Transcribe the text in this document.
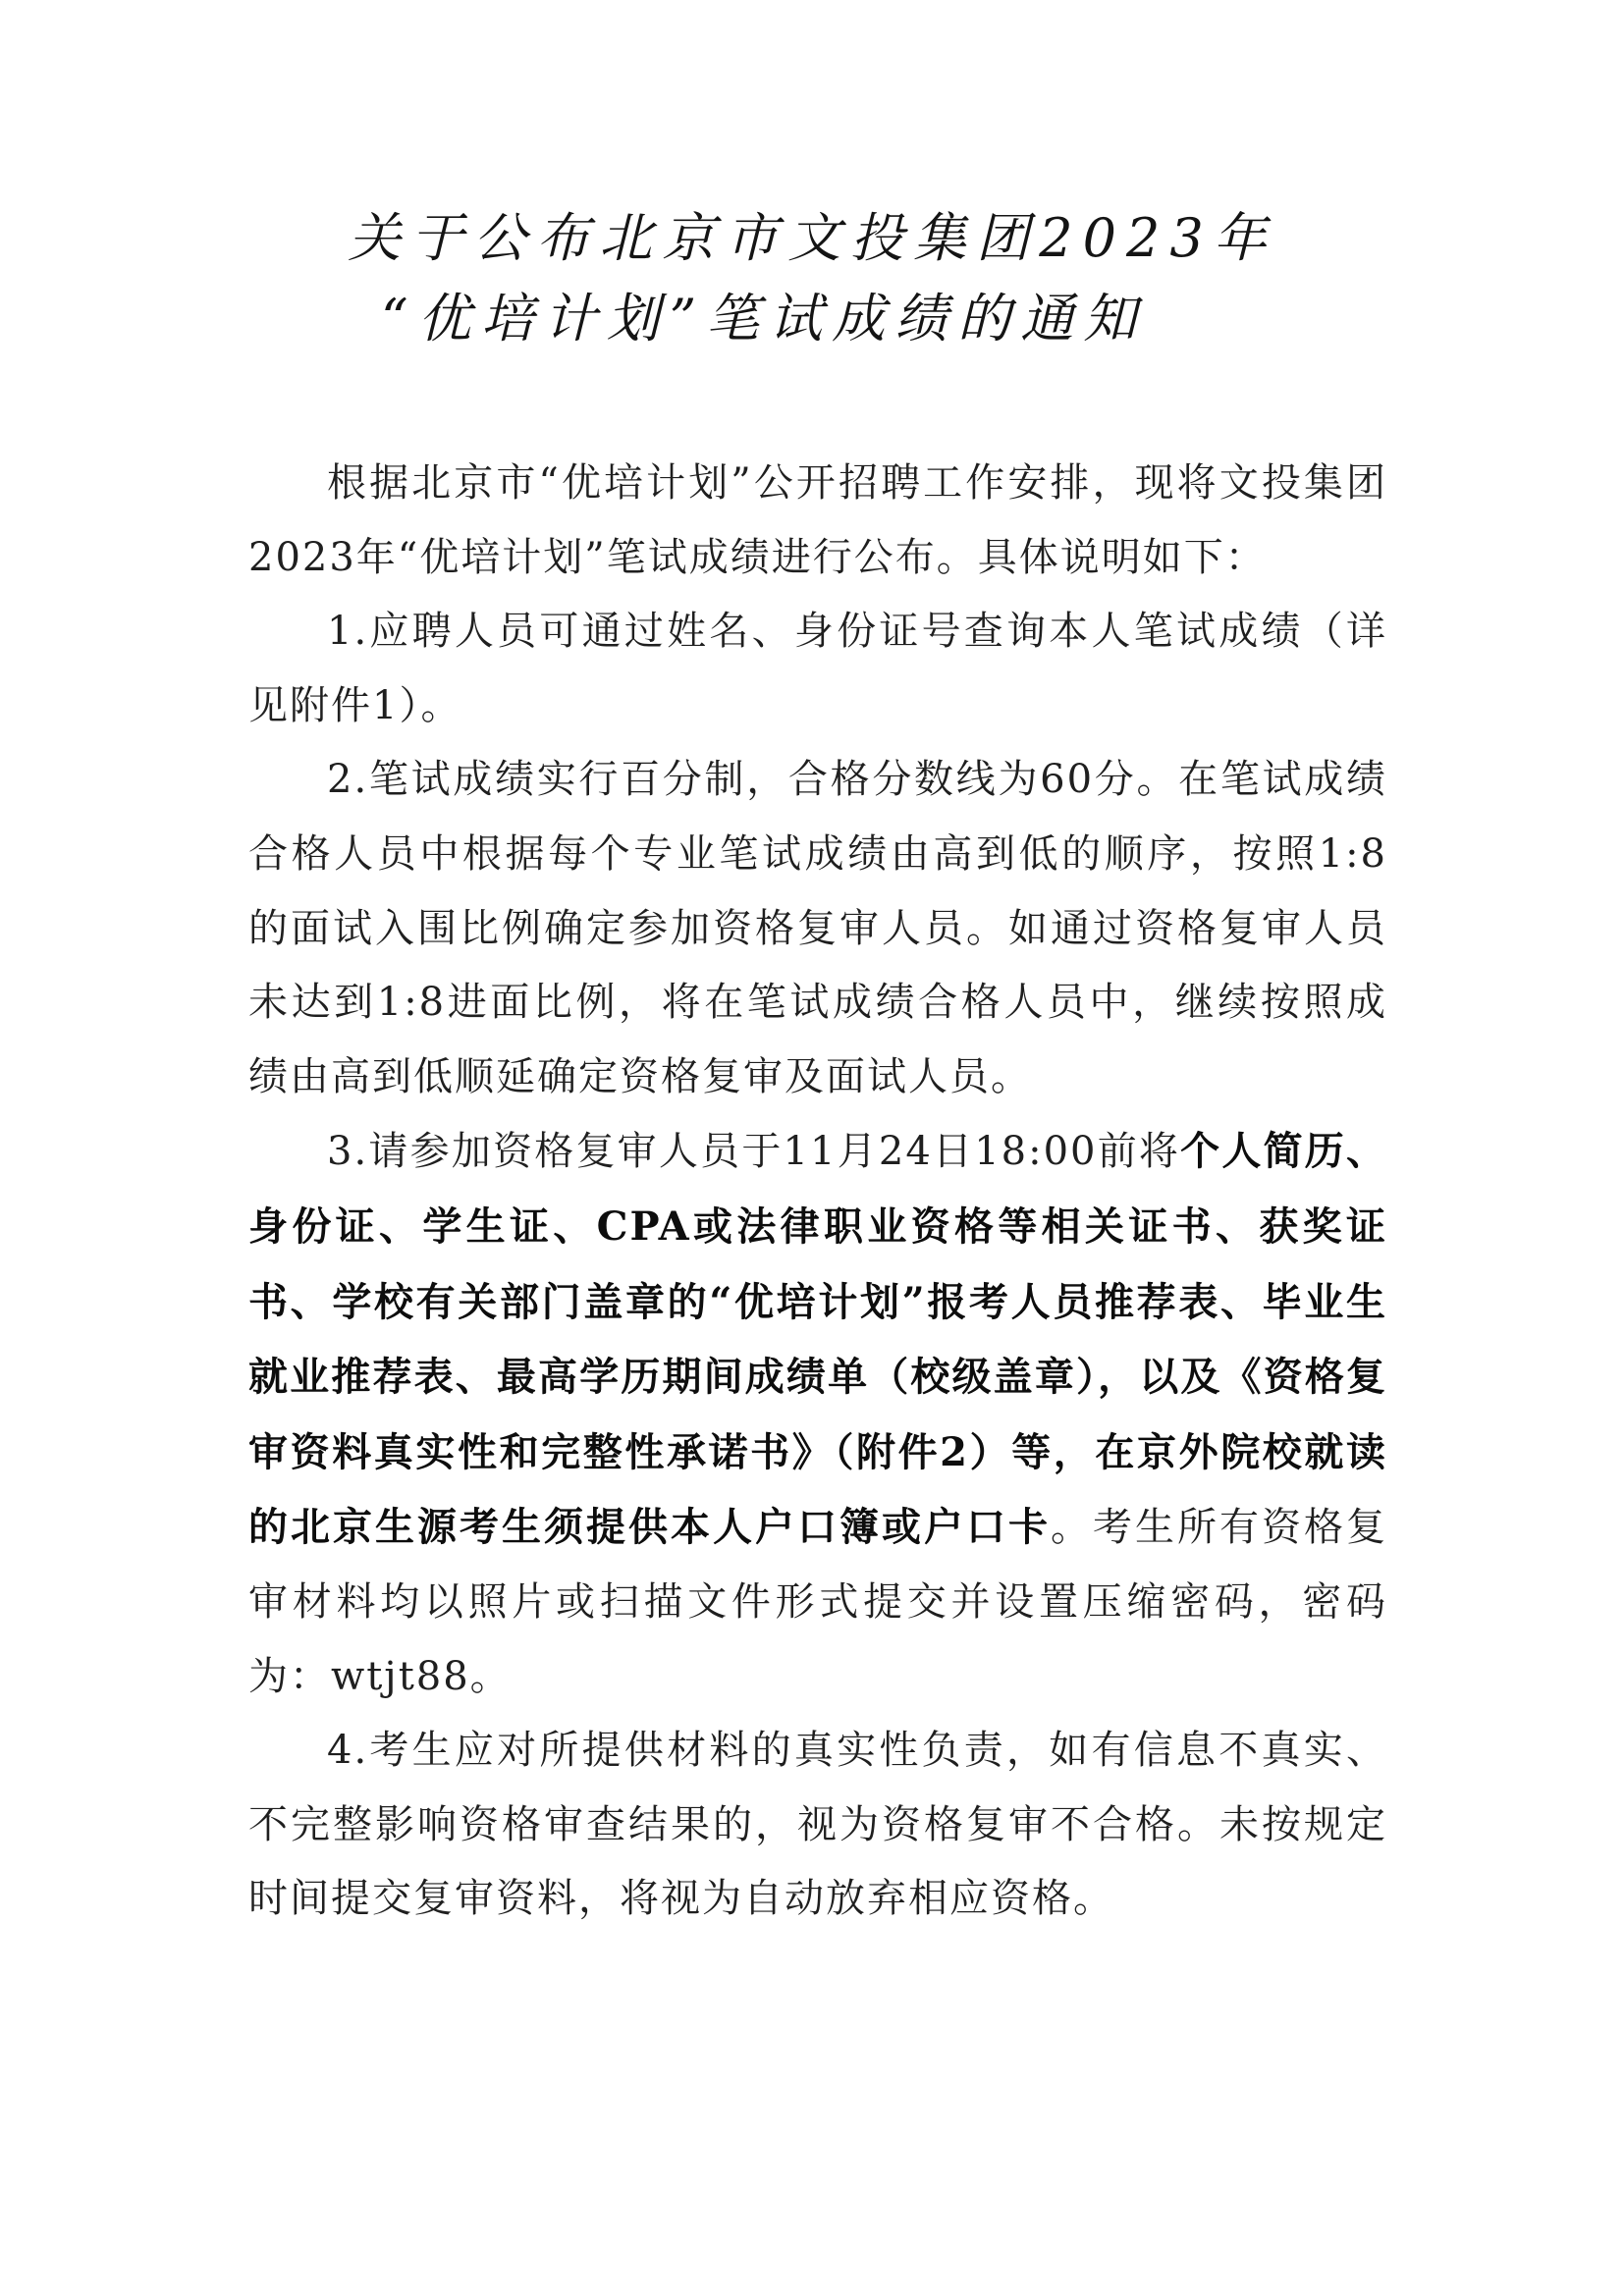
关于公布北京市文投集团2023年
“优培计划”笔试成绩的通知

根据北京市“优培计划”公开招聘工作安排，现将文投集团2023年“优培计划”笔试成绩进行公布。具体说明如下：

1.应聘人员可通过姓名、身份证号查询本人笔试成绩（详见附件1）。

2.笔试成绩实行百分制，合格分数线为60分。在笔试成绩合格人员中根据每个专业笔试成绩由高到低的顺序，按照1:8的面试入围比例确定参加资格复审人员。如通过资格复审人员未达到1:8进面比例，将在笔试成绩合格人员中，继续按照成绩由高到低顺延确定资格复审及面试人员。

3.请参加资格复审人员于11月24日18:00前将个人简历、身份证、学生证、CPA或法律职业资格等相关证书、获奖证书、学校有关部门盖章的“优培计划”报考人员推荐表、毕业生就业推荐表、最高学历期间成绩单（校级盖章），以及《资格复审资料真实性和完整性承诺书》（附件2）等，在京外院校就读的北京生源考生须提供本人户口簿或户口卡。考生所有资格复审材料均以照片或扫描文件形式提交并设置压缩密码，密码为：wtjt88。

4.考生应对所提供材料的真实性负责，如有信息不真实、不完整影响资格审查结果的，视为资格复审不合格。未按规定时间提交复审资料，将视为自动放弃相应资格。
